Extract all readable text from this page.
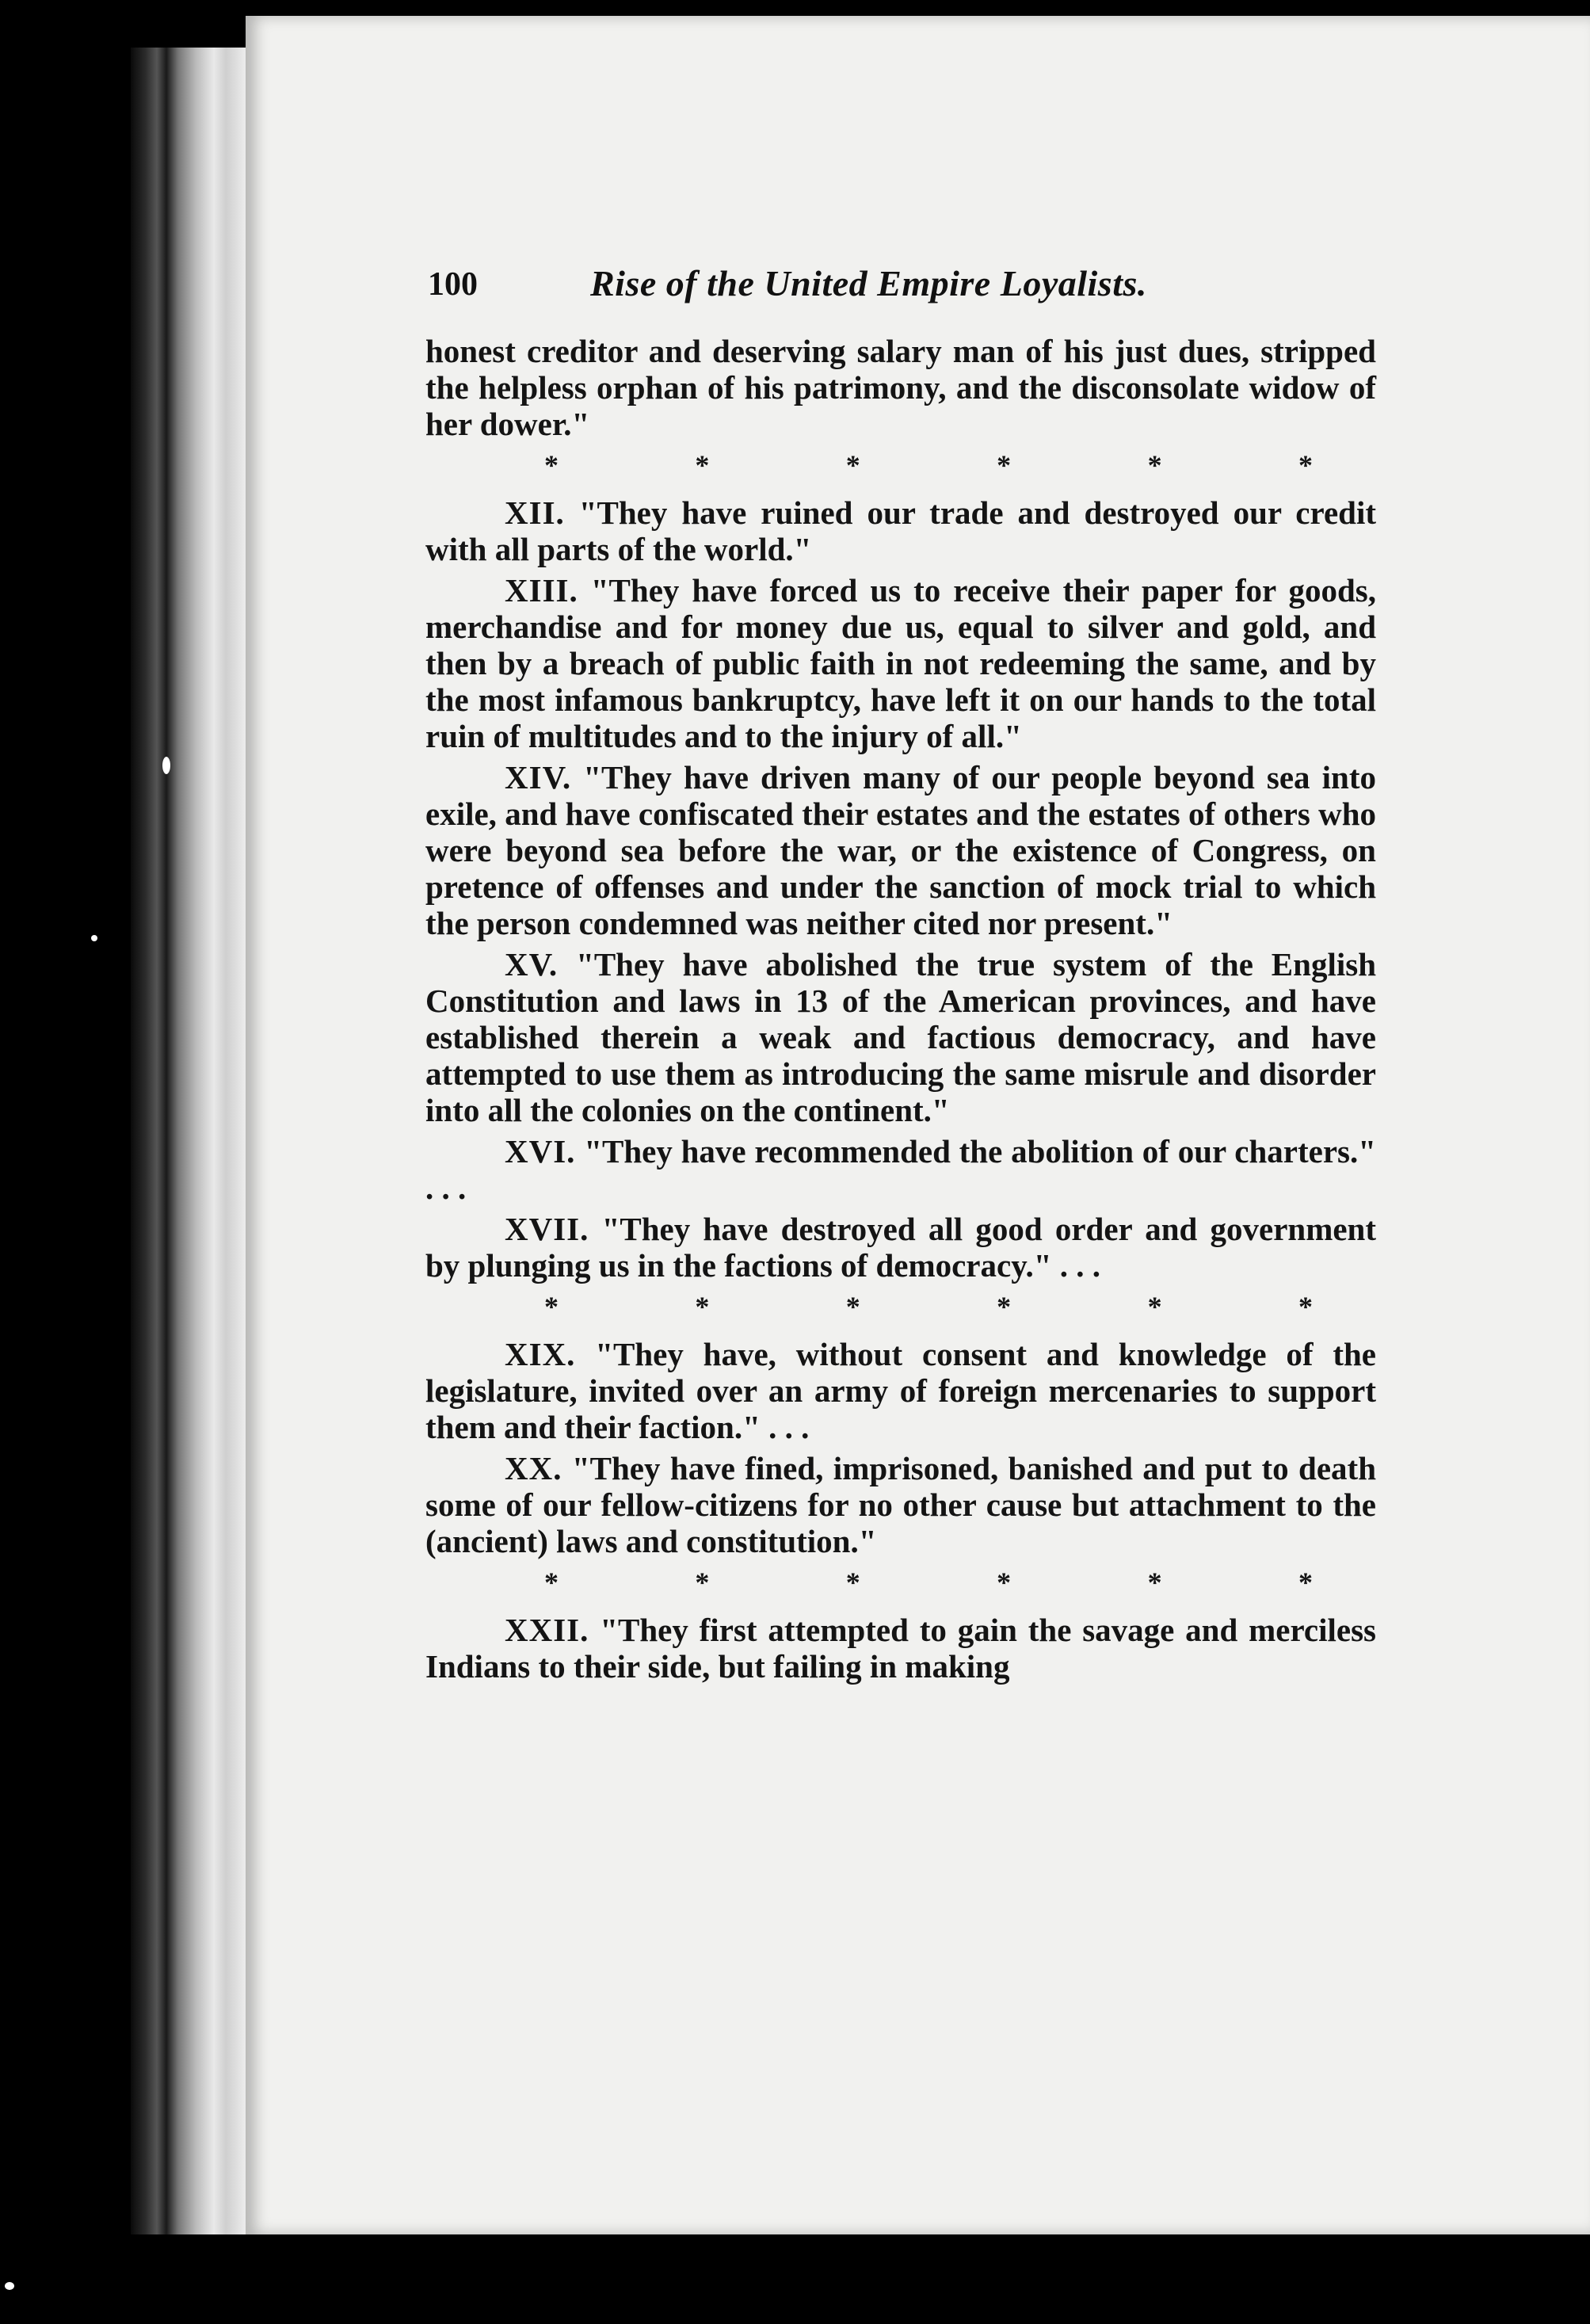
100	Rise of the United Empire Loyalists.

honest creditor and deserving salary man of his just dues, stripped the helpless orphan of his patrimony, and the disconsolate widow of her dower."

*	*	*	*	*	*

XII. "They have ruined our trade and destroyed our credit with all parts of the world."

XIII. "They have forced us to receive their paper for goods, merchandise and for money due us, equal to silver and gold, and then by a breach of public faith in not redeeming the same, and by the most infamous bankruptcy, have left it on our hands to the total ruin of multitudes and to the injury of all."

XIV. "They have driven many of our people beyond sea into exile, and have confiscated their estates and the estates of others who were beyond sea before the war, or the existence of Congress, on pretence of offenses and under the sanction of mock trial to which the person condemned was neither cited nor present."

XV. "They have abolished the true system of the English Constitution and laws in 13 of the American provinces, and have established therein a weak and factious democracy, and have attempted to use them as introducing the same misrule and disorder into all the colonies on the continent."

XVI. "They have recommended the abolition of our charters." . . .

XVII. "They have destroyed all good order and government by plunging us in the factions of democracy." . . .

*	*	*	*	*	*

XIX. "They have, without consent and knowledge of the legislature, invited over an army of foreign mercenaries to support them and their faction." . . .

XX. "They have fined, imprisoned, banished and put to death some of our fellow-citizens for no other cause but attachment to the (ancient) laws and constitution."

*	*	*	*	*	*

XXII. "They first attempted to gain the savage and merciless Indians to their side, but failing in making
